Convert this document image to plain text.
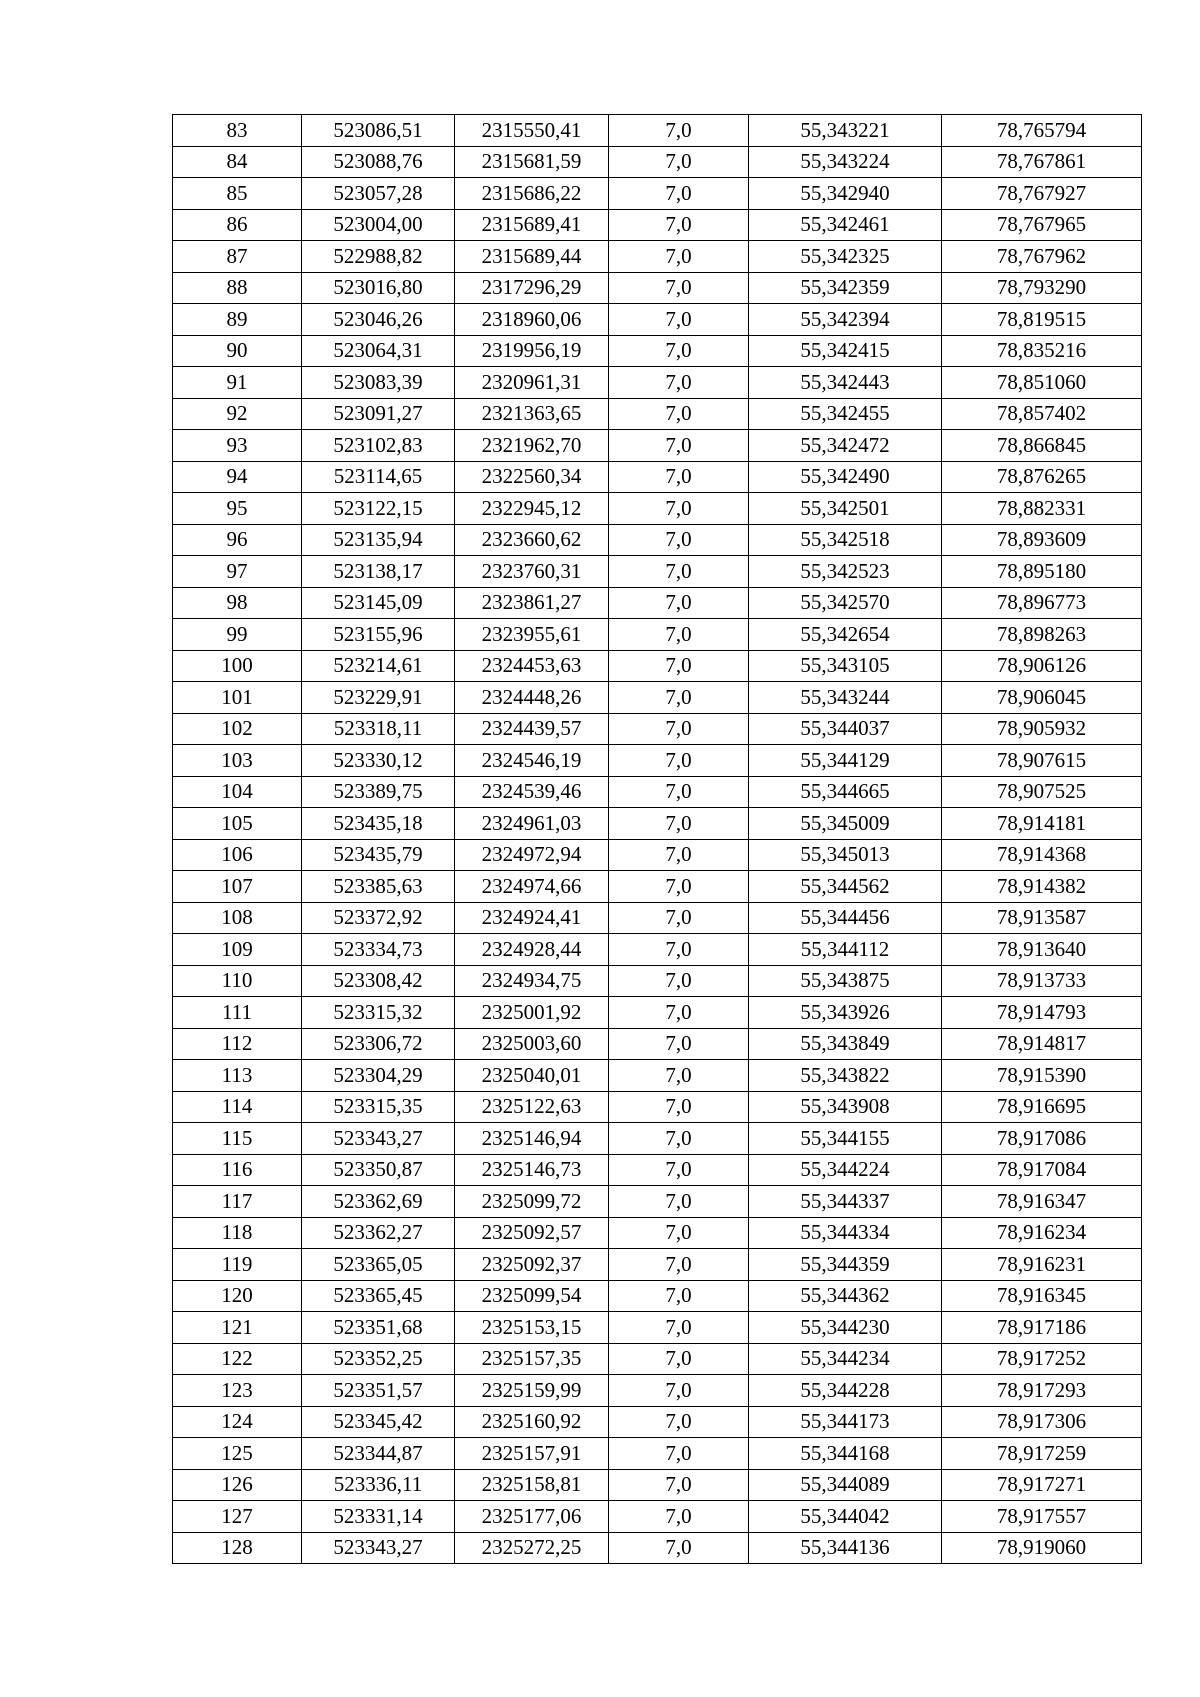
83	523086,51	2315550,41	7,0	55,343221	78,765794
84	523088,76	2315681,59	7,0	55,343224	78,767861
85	523057,28	2315686,22	7,0	55,342940	78,767927
86	523004,00	2315689,41	7,0	55,342461	78,767965
87	522988,82	2315689,44	7,0	55,342325	78,767962
88	523016,80	2317296,29	7,0	55,342359	78,793290
89	523046,26	2318960,06	7,0	55,342394	78,819515
90	523064,31	2319956,19	7,0	55,342415	78,835216
91	523083,39	2320961,31	7,0	55,342443	78,851060
92	523091,27	2321363,65	7,0	55,342455	78,857402
93	523102,83	2321962,70	7,0	55,342472	78,866845
94	523114,65	2322560,34	7,0	55,342490	78,876265
95	523122,15	2322945,12	7,0	55,342501	78,882331
96	523135,94	2323660,62	7,0	55,342518	78,893609
97	523138,17	2323760,31	7,0	55,342523	78,895180
98	523145,09	2323861,27	7,0	55,342570	78,896773
99	523155,96	2323955,61	7,0	55,342654	78,898263
100	523214,61	2324453,63	7,0	55,343105	78,906126
101	523229,91	2324448,26	7,0	55,343244	78,906045
102	523318,11	2324439,57	7,0	55,344037	78,905932
103	523330,12	2324546,19	7,0	55,344129	78,907615
104	523389,75	2324539,46	7,0	55,344665	78,907525
105	523435,18	2324961,03	7,0	55,345009	78,914181
106	523435,79	2324972,94	7,0	55,345013	78,914368
107	523385,63	2324974,66	7,0	55,344562	78,914382
108	523372,92	2324924,41	7,0	55,344456	78,913587
109	523334,73	2324928,44	7,0	55,344112	78,913640
110	523308,42	2324934,75	7,0	55,343875	78,913733
111	523315,32	2325001,92	7,0	55,343926	78,914793
112	523306,72	2325003,60	7,0	55,343849	78,914817
113	523304,29	2325040,01	7,0	55,343822	78,915390
114	523315,35	2325122,63	7,0	55,343908	78,916695
115	523343,27	2325146,94	7,0	55,344155	78,917086
116	523350,87	2325146,73	7,0	55,344224	78,917084
117	523362,69	2325099,72	7,0	55,344337	78,916347
118	523362,27	2325092,57	7,0	55,344334	78,916234
119	523365,05	2325092,37	7,0	55,344359	78,916231
120	523365,45	2325099,54	7,0	55,344362	78,916345
121	523351,68	2325153,15	7,0	55,344230	78,917186
122	523352,25	2325157,35	7,0	55,344234	78,917252
123	523351,57	2325159,99	7,0	55,344228	78,917293
124	523345,42	2325160,92	7,0	55,344173	78,917306
125	523344,87	2325157,91	7,0	55,344168	78,917259
126	523336,11	2325158,81	7,0	55,344089	78,917271
127	523331,14	2325177,06	7,0	55,344042	78,917557
128	523343,27	2325272,25	7,0	55,344136	78,919060
